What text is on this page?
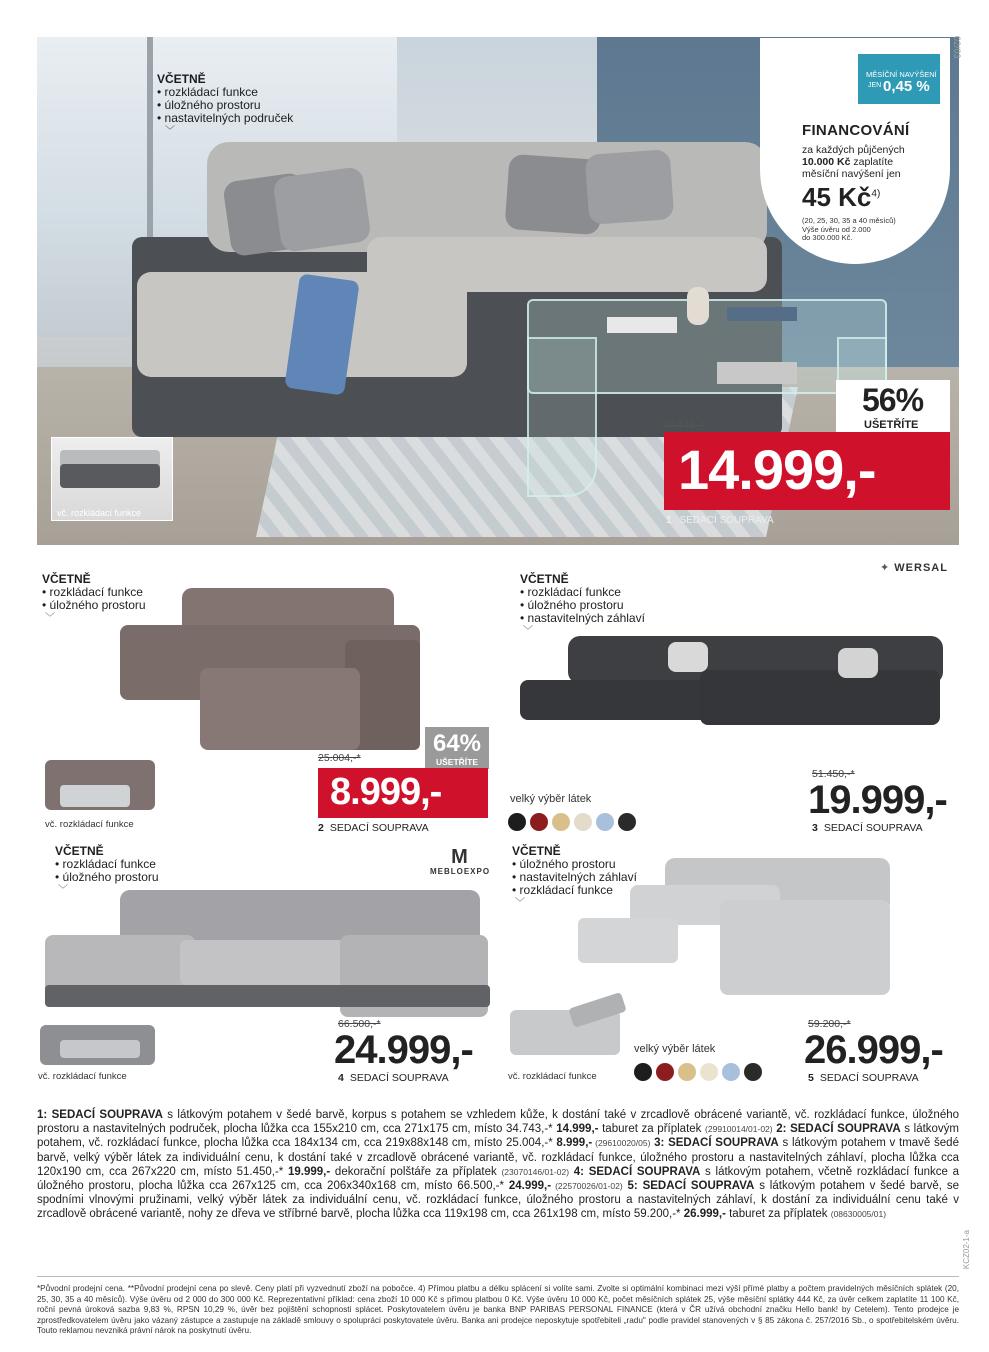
vč. rozkládací funkce
VČETNĚ
• rozkládací funkce
• úložného prostoru
• nastavitelných područek
﹀
MĚSÍČNÍ NAVÝŠENÍ
JEN 0,45 %
FINANCOVÁNÍ
za každých půjčených
10.000 Kč zaplatíte
měsíční navýšení jen
45 $Kč^{4)}$
(20, 25, 30, 35 a 40 měsíců)
Výše úvěru od 2.000
do 300.000 Kč.
02/03
56%
UŠETŘÍTE
34.743,-*
14.999,-
1 SEDACÍ SOUPRAVA
VČETNĚ
• rozkládací funkce
• úložného prostoru
﹀
vč. rozkládací funkce
25.004,-*
64%
UŠETŘÍTE
8.999,-
2 SEDACÍ SOUPRAVA
VČETNĚ
• rozkládací funkce
• úložného prostoru
• nastavitelných záhlaví
﹀
✦ WERSAL
velký výběr látek
51.450,-*
19.999,-
3 SEDACÍ SOUPRAVA
VČETNĚ
• rozkládací funkce
• úložného prostoru
﹀
M
MEBLOEXPO
vč. rozkládací funkce
66.500,-*
24.999,-
4 SEDACÍ SOUPRAVA
VČETNĚ
• úložného prostoru
• nastavitelných záhlaví
• rozkládací funkce
﹀
vč. rozkládací funkce
velký výběr látek
59.200,-*
26.999,-
5 SEDACÍ SOUPRAVA
1: SEDACÍ SOUPRAVA s látkovým potahem v šedé barvě, korpus s potahem se vzhledem kůže, k dostání také v zrcadlově obrácené variantě, vč. rozkládací funkce, úložného prostoru a nastavitelných područek, plocha lůžka cca 155x210 cm, cca 271x175 cm, místo 34.743,-* 14.999,- taburet za příplatek (29910014/01-02) 2: SEDACÍ SOUPRAVA s látkovým potahem, vč. rozkládací funkce, plocha lůžka cca 184x134 cm, cca 219x88x148 cm, místo 25.004,-* 8.999,- (29610020/05) 3: SEDACÍ SOUPRAVA s látkovým potahem v tmavě šedé barvě, velký výběr látek za individuální cenu, k dostání také v zrcadlově obrácené variantě, vč. rozkládací funkce, úložného prostoru a nastavitelných záhlaví, plocha lůžka cca 120x190 cm, cca 267x220 cm, místo 51.450,-* 19.999,- dekorační polštáře za příplatek (23070146/01-02) 4: SEDACÍ SOUPRAVA s látkovým potahem, včetně rozkládací funkce a úložného prostoru, plocha lůžka cca 267x125 cm, cca 206x340x168 cm, místo 66.500,-* 24.999,- (22570026/01-02) 5: SEDACÍ SOUPRAVA s látkovým potahem v šedé barvě, se spodními vlnovými pružinami, velký výběr látek za individuální cenu, vč. rozkládací funkce, úložného prostoru a nastavitelných záhlaví, k dostání za individuální cenu také v zrcadlově obrácené variantě, nohy ze dřeva ve stříbrné barvě, plocha lůžka cca 119x198 cm, cca 261x198 cm, místo 59.200,-* 26.999,- taburet za příplatek (08630005/01)
*Původní prodejní cena. **Původní prodejní cena po slevě. Ceny platí při vyzvednutí zboží na pobočce. 4) Přímou platbu a délku splácení si volíte sami. Zvolte si optimální kombinaci mezi výší přímé platby a počtem pravidelných měsíčních splátek (20, 25, 30, 35 a 40 měsíců). Výše úvěru od 2 000 do 300 000 Kč. Reprezentativní příklad: cena zboží 10 000 Kč s přímou platbou 0 Kč. Výše úvěru 10 000 Kč, počet měsíčních splátek 25, výše měsíční splátky 444 Kč, za úvěr celkem zaplatíte 11 100 Kč, roční pevná úroková sazba 9,83 %, RPSN 10,29 %, úvěr bez pojištění schopnosti splácet. Poskytovatelem úvěru je banka BNP PARIBAS PERSONAL FINANCE (která v ČR užívá obchodní značku Hello bank! by Cetelem). Tento prodejce je zprostředkovatelem úvěru jako vázaný zástupce a zastupuje na základě smlouvy o spolupráci poskytovatele úvěru. Banka ani prodejce neposkytuje spotřebiteli „radu" podle pravidel stanovených v § 85 zákona č. 257/2016 Sb., o spotřebitelském úvěru. Touto reklamou nevzniká právní nárok na poskytnutí úvěru.
KCZ02-1-a
